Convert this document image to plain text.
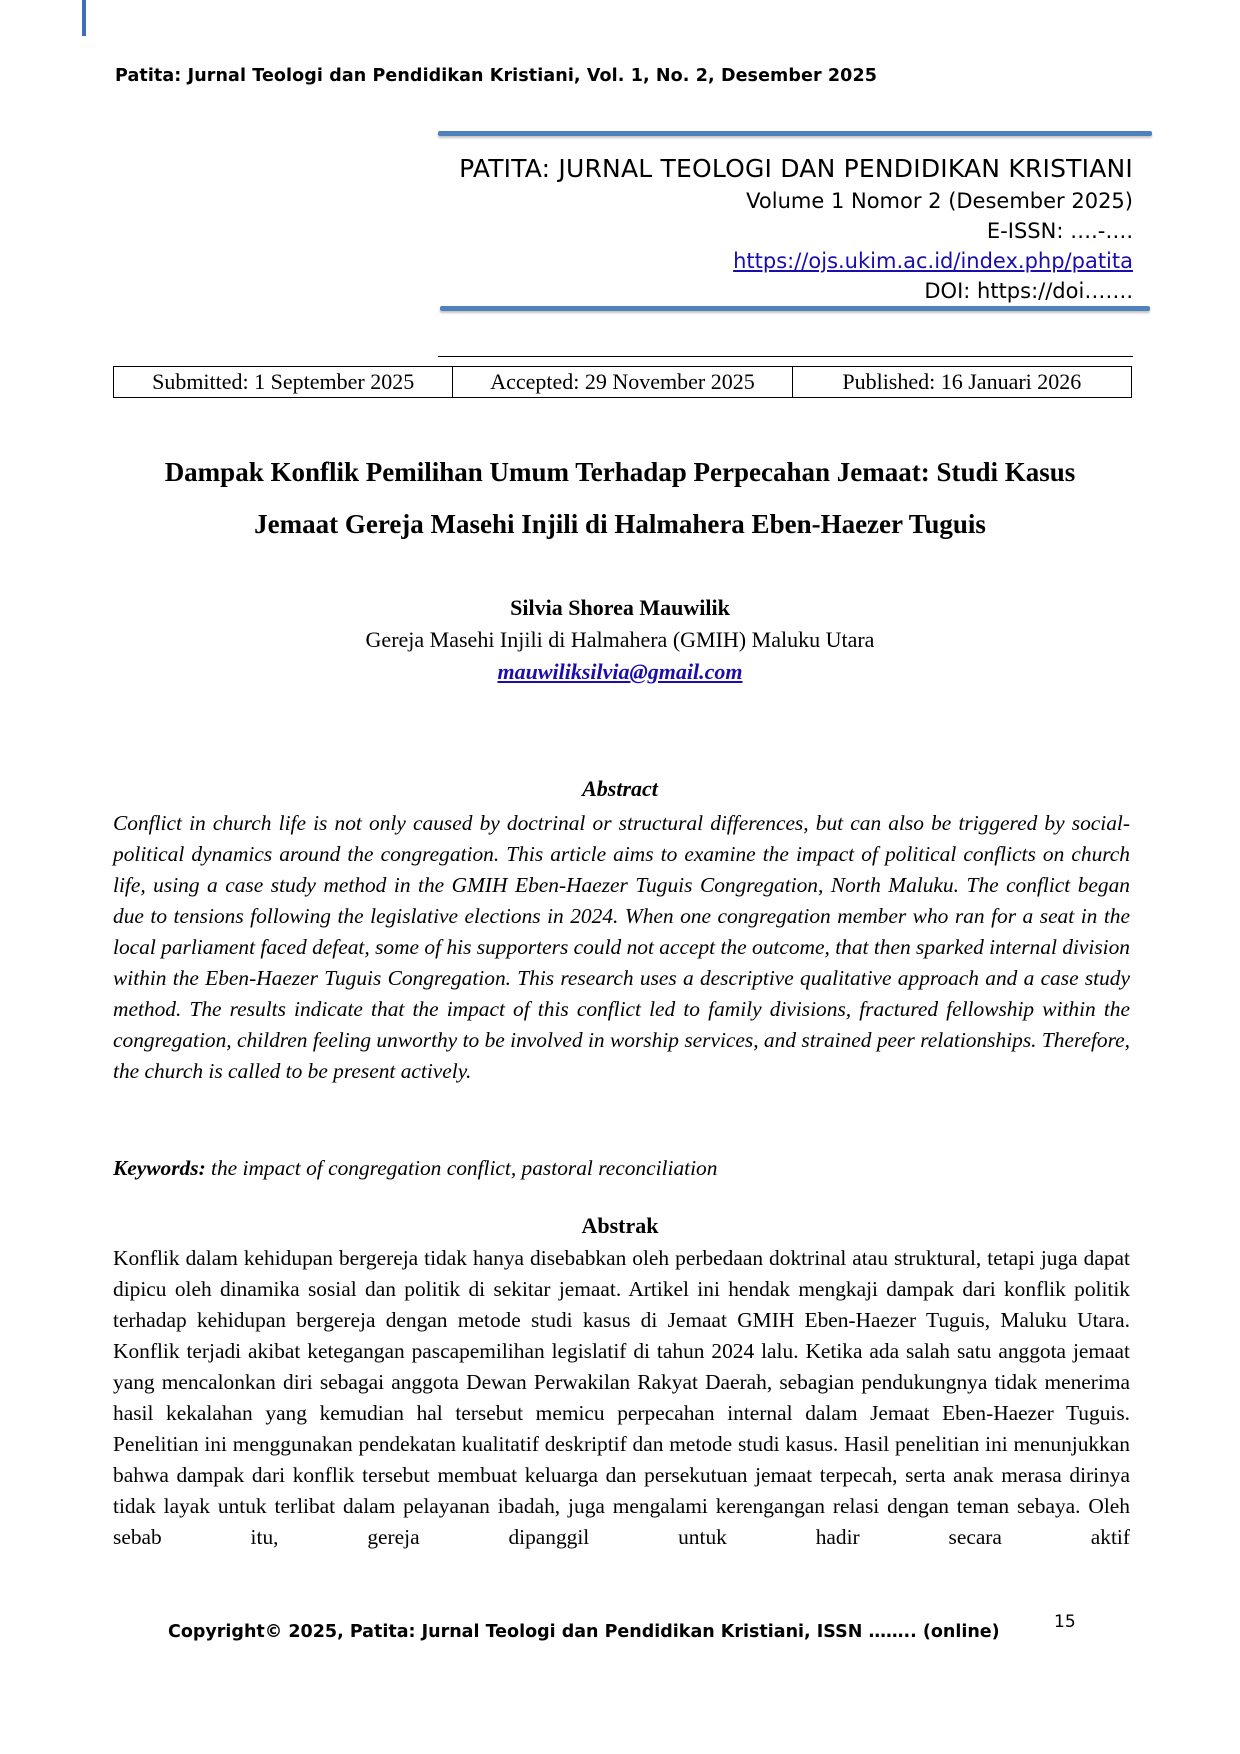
Patita: Jurnal Teologi dan Pendidikan Kristiani, Vol. 1, No. 2, Desember 2025
PATITA: JURNAL TEOLOGI DAN PENDIDIKAN KRISTIANI
Volume 1 Nomor 2 (Desember 2025)
E-ISSN: ….-….
https://ojs.ukim.ac.id/index.php/patita
DOI: https://doi…….
Submitted: 1 September 2025	Accepted: 29 November 2025	Published: 16 Januari 2026
Dampak Konflik Pemilihan Umum Terhadap Perpecahan Jemaat: Studi Kasus
Jemaat Gereja Masehi Injili di Halmahera Eben-Haezer Tuguis
Silvia Shorea Mauwilik
Gereja Masehi Injili di Halmahera (GMIH) Maluku Utara
mauwiliksilvia@gmail.com
Abstract
Conflict in church life is not only caused by doctrinal or structural differences, but can also be triggered by social-political dynamics around the congregation. This article aims to examine the impact of political conflicts on church life, using a case study method in the GMIH Eben-Haezer Tuguis Congregation, North Maluku. The conflict began due to tensions following the legislative elections in 2024. When one congregation member who ran for a seat in the local parliament faced defeat, some of his supporters could not accept the outcome, that then sparked internal division within the Eben-Haezer Tuguis Congregation. This research uses a descriptive qualitative approach and a case study method. The results indicate that the impact of this conflict led to family divisions, fractured fellowship within the congregation, children feeling unworthy to be involved in worship services, and strained peer relationships. Therefore, the church is called to be present actively.
Keywords: the impact of congregation conflict, pastoral reconciliation
Abstrak
Konflik dalam kehidupan bergereja tidak hanya disebabkan oleh perbedaan doktrinal atau struktural, tetapi juga dapat dipicu oleh dinamika sosial dan politik di sekitar jemaat. Artikel ini hendak mengkaji dampak dari konflik politik terhadap kehidupan bergereja dengan metode studi kasus di Jemaat GMIH Eben-Haezer Tuguis, Maluku Utara. Konflik terjadi akibat ketegangan pascapemilihan legislatif di tahun 2024 lalu. Ketika ada salah satu anggota jemaat yang mencalonkan diri sebagai anggota Dewan Perwakilan Rakyat Daerah, sebagian pendukungnya tidak menerima hasil kekalahan yang kemudian hal tersebut memicu perpecahan internal dalam Jemaat Eben-Haezer Tuguis. Penelitian ini menggunakan pendekatan kualitatif deskriptif dan metode studi kasus. Hasil penelitian ini menunjukkan bahwa dampak dari konflik tersebut membuat keluarga dan persekutuan jemaat terpecah, serta anak merasa dirinya tidak layak untuk terlibat dalam pelayanan ibadah, juga mengalami kerengangan relasi dengan teman sebaya. Oleh sebab itu, gereja dipanggil untuk hadir secara aktif
Copyright© 2025, Patita: Jurnal Teologi dan Pendidikan Kristiani, ISSN …….. (online)	15
